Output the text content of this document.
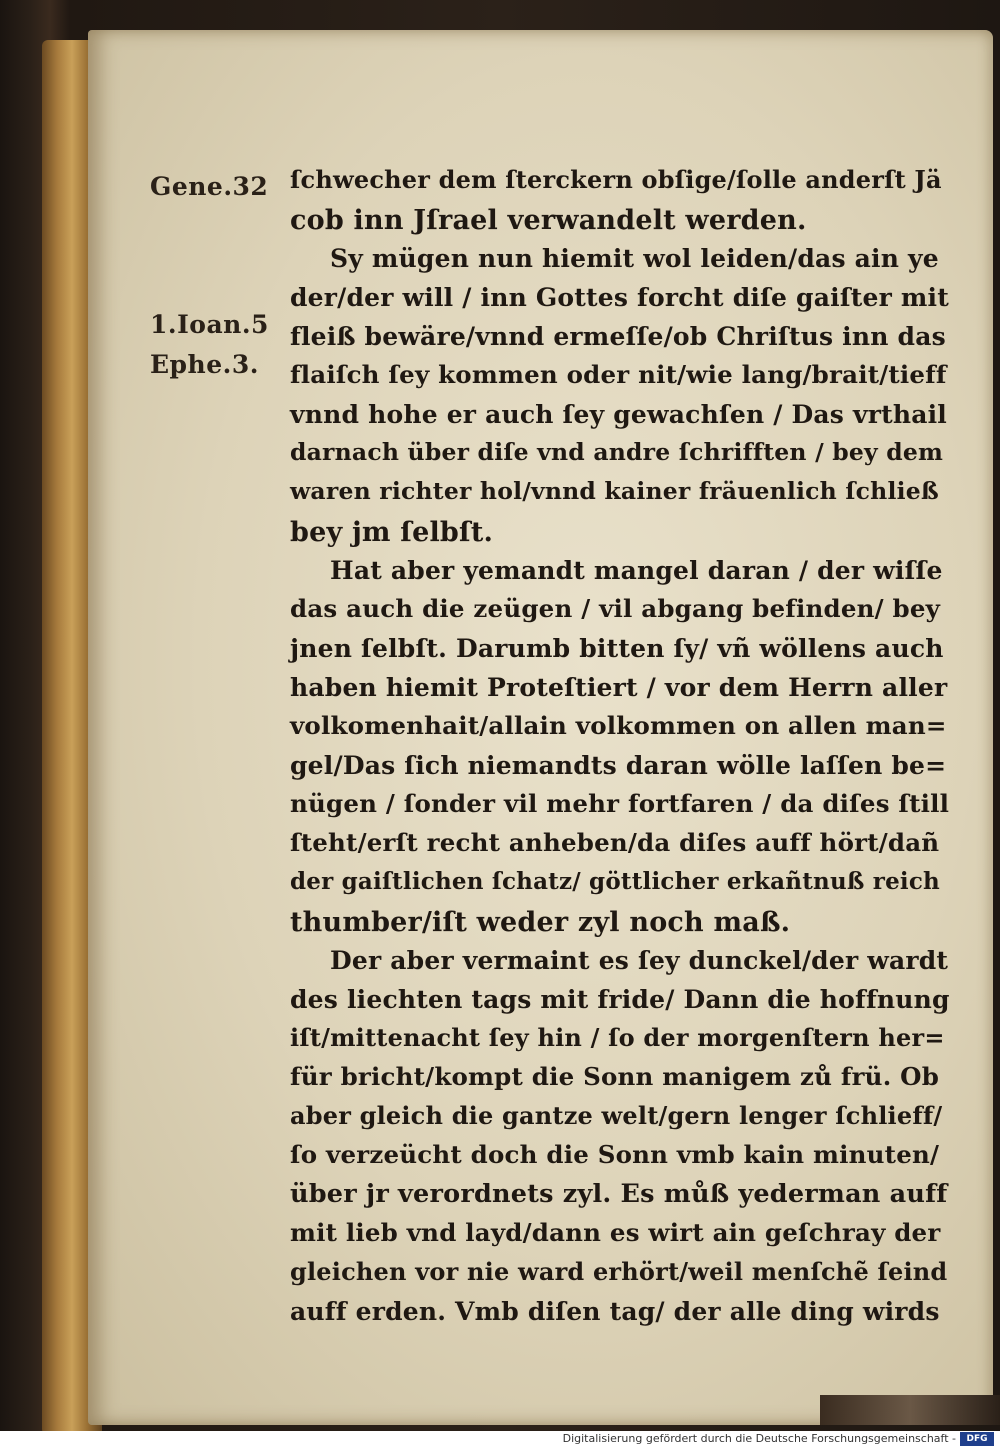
Gene.32
1.Ioan.5
Ephe.3.
ſchwecher dem ſterckern obſige/ſolle anderſt Jä
cob inn Jſrael verwandelt werden.
Sy mügen nun hiemit wol leiden/das ain ye
der/der will / inn Gottes forcht diſe gaiſter mit
fleiß bewäre/vnnd ermeſſe/ob Chriſtus inn das
flaiſch ſey kommen oder nit/wie lang/brait/tieff
vnnd hohe er auch ſey gewachſen / Das vrthail
darnach über diſe vnd andre ſchrifften / bey dem
waren richter hol/vnnd kainer fräuenlich ſchließ
bey jm ſelbſt.
Hat aber yemandt mangel daran / der wiſſe
das auch die zeügen / vil abgang befinden/ bey
jnen ſelbſt. Darumb bitten ſy/ vñ wöllens auch
haben hiemit Proteſtiert / vor dem Herrn aller
volkomenhait/allain volkommen on allen man=
gel/Das ſich niemandts daran wölle laſſen be=
nügen / ſonder vil mehr fortfaren / da diſes ſtill
ſteht/erſt recht anheben/da diſes auff hört/dañ
der gaiſtlichen ſchatz/ göttlicher erkañtnuß reich
thumber/iſt weder zyl noch maß.
Der aber vermaint es ſey dunckel/der wardt
des liechten tags mit fride/ Dann die hoffnung
iſt/mittenacht ſey hin / ſo der morgenſtern her=
für bricht/kompt die Sonn manigem zů frü. Ob
aber gleich die gantze welt/gern lenger ſchlieff/
ſo verzeücht doch die Sonn vmb kain minuten/
über jr verordnets zyl. Es můß yederman auff
mit lieb vnd layd/dann es wirt ain geſchray der
gleichen vor nie ward erhört/weil menſchẽ ſeind
auff erden. Vmb diſen tag/ der alle ding wirds
Digitalisierung gefördert durch die Deutsche Forschungsgemeinschaft -	DFG
